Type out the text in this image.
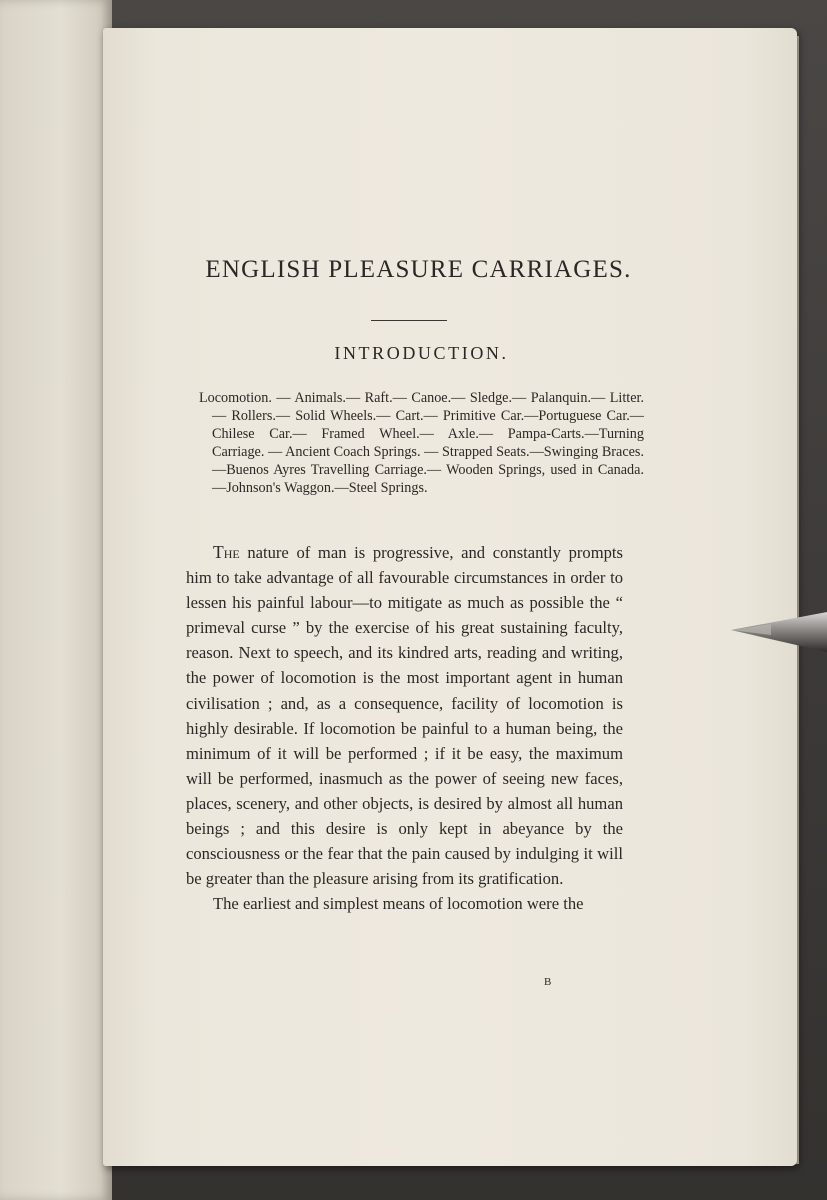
ENGLISH PLEASURE CARRIAGES.
INTRODUCTION.

Locomotion. — Animals.— Raft.— Canoe.— Sledge.— Palanquin.— Litter.— Rollers.— Solid Wheels.— Cart.— Primitive Car.—Portuguese Car.— Chilese Car.— Framed Wheel.— Axle.— Pampa-Carts.—Turning Carriage. — Ancient Coach Springs. — Strapped Seats.—Swinging Braces.—Buenos Ayres Travelling Carriage.— Wooden Springs, used in Canada.—Johnson's Waggon.—Steel Springs.

The nature of man is progressive, and constantly prompts him to take advantage of all favourable circumstances in order to lessen his painful labour—to mitigate as much as possible the “ primeval curse ” by the exercise of his great sustaining faculty, reason. Next to speech, and its kindred arts, reading and writing, the power of locomotion is the most important agent in human civilisation ; and, as a consequence, facility of locomotion is highly desirable. If locomotion be painful to a human being, the minimum of it will be performed ; if it be easy, the maximum will be performed, inasmuch as the power of seeing new faces, places, scenery, and other objects, is desired by almost all human beings ; and this desire is only kept in abeyance by the consciousness or the fear that the pain caused by indulging it will be greater than the pleasure arising from its gratification.

The earliest and simplest means of locomotion were the

B
